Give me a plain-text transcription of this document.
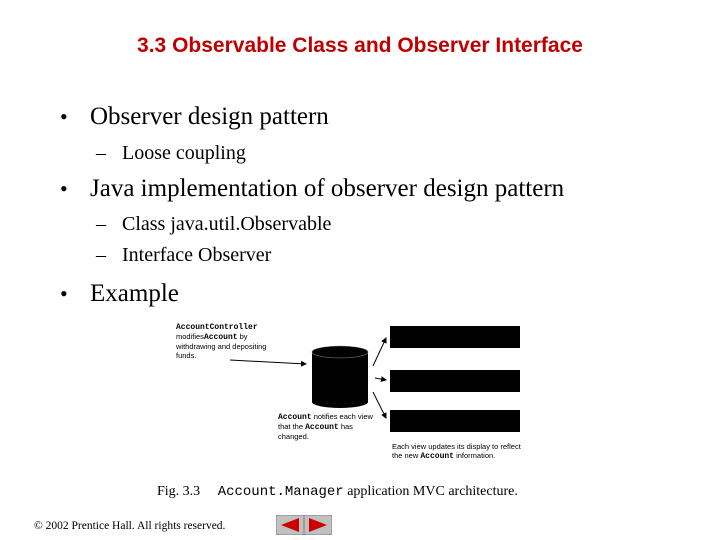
3.3 Observable Class and Observer Interface
• Observer design pattern
– Loose coupling
• Java implementation of observer design pattern
– Class java.util.Observable
– Interface Observer
• Example
AccountController modifiesAccount by withdrawing and depositing funds.
Account notifies each view that the Account has changed.
Each view updates its display to reflect the new Account information.
Fig. 3.3 Account.Manager application MVC architecture.
© 2002 Prentice Hall. All rights reserved.
